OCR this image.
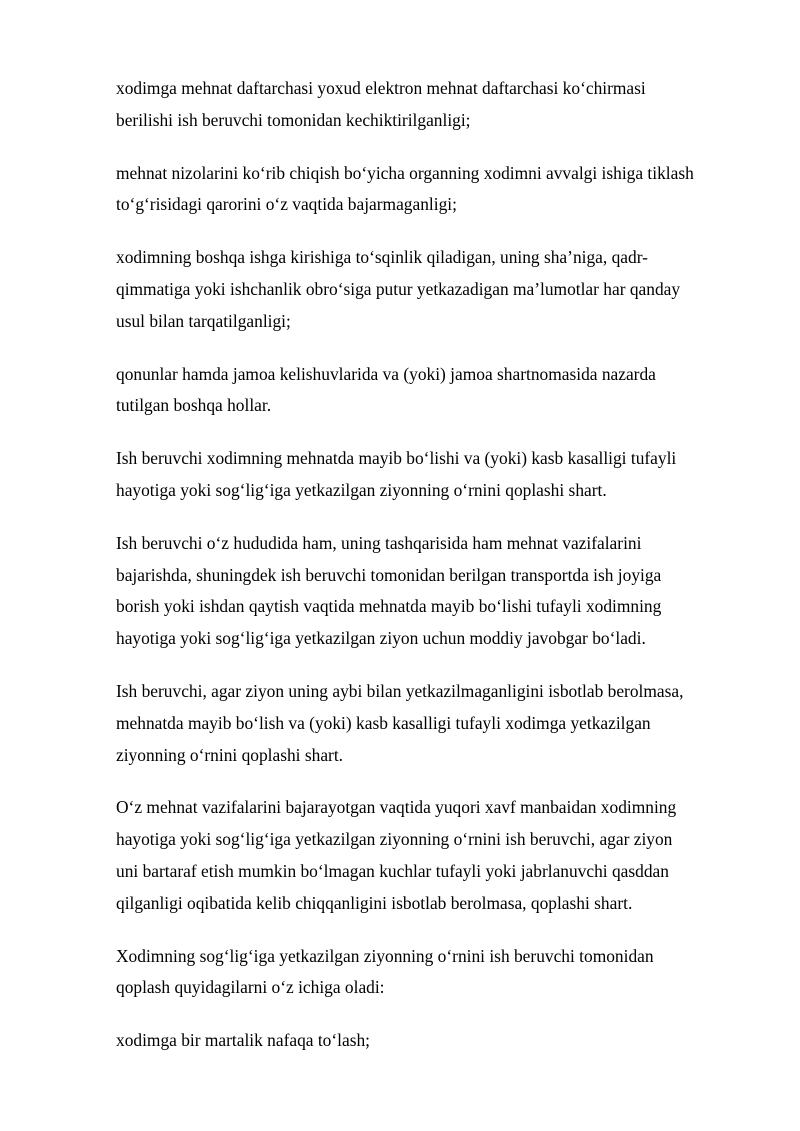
xodimga mehnat daftarchasi yoxud elektron mehnat daftarchasi ko‘chirmasi
berilishi ish beruvchi tomonidan kechiktirilganligi;

mehnat nizolarini ko‘rib chiqish bo‘yicha organning xodimni avvalgi ishiga tiklash
to‘g‘risidagi qarorini o‘z vaqtida bajarmaganligi;

xodimning boshqa ishga kirishiga to‘sqinlik qiladigan, uning sha’niga, qadr-
qimmatiga yoki ishchanlik obro‘siga putur yetkazadigan ma’lumotlar har qanday
usul bilan tarqatilganligi;

qonunlar hamda jamoa kelishuvlarida va (yoki) jamoa shartnomasida nazarda
tutilgan boshqa hollar.

Ish beruvchi xodimning mehnatda mayib bo‘lishi va (yoki) kasb kasalligi tufayli
hayotiga yoki sog‘lig‘iga yetkazilgan ziyonning o‘rnini qoplashi shart.

Ish beruvchi o‘z hududida ham, uning tashqarisida ham mehnat vazifalarini
bajarishda, shuningdek ish beruvchi tomonidan berilgan transportda ish joyiga
borish yoki ishdan qaytish vaqtida mehnatda mayib bo‘lishi tufayli xodimning
hayotiga yoki sog‘lig‘iga yetkazilgan ziyon uchun moddiy javobgar bo‘ladi.

Ish beruvchi, agar ziyon uning aybi bilan yetkazilmaganligini isbotlab berolmasa,
mehnatda mayib bo‘lish va (yoki) kasb kasalligi tufayli xodimga yetkazilgan
ziyonning o‘rnini qoplashi shart.

O‘z mehnat vazifalarini bajarayotgan vaqtida yuqori xavf manbaidan xodimning
hayotiga yoki sog‘lig‘iga yetkazilgan ziyonning o‘rnini ish beruvchi, agar ziyon
uni bartaraf etish mumkin bo‘lmagan kuchlar tufayli yoki jabrlanuvchi qasddan
qilganligi oqibatida kelib chiqqanligini isbotlab berolmasa, qoplashi shart.

Xodimning sog‘lig‘iga yetkazilgan ziyonning o‘rnini ish beruvchi tomonidan
qoplash quyidagilarni o‘z ichiga oladi:

xodimga bir martalik nafaqa to‘lash;
